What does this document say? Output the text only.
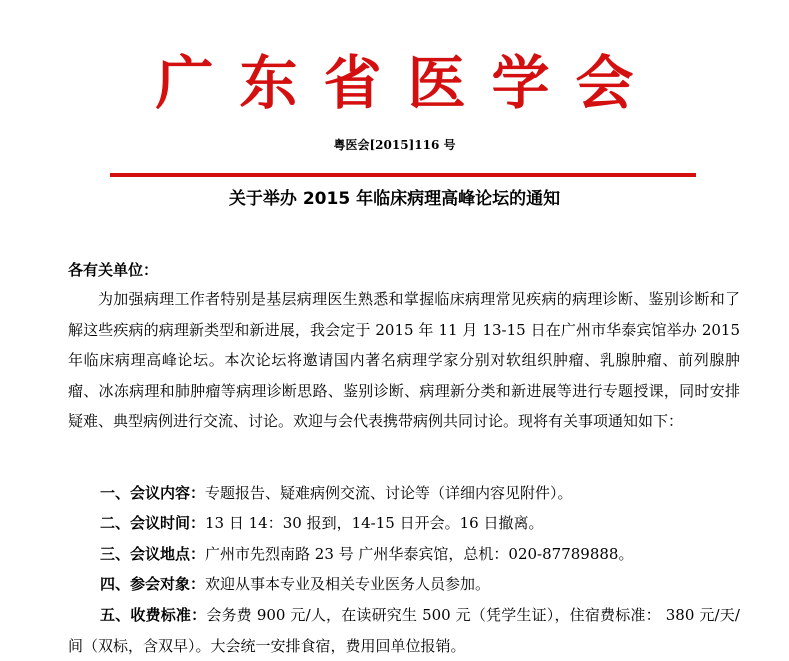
广东省医学会
粤医会[2015]116 号
关于举办 2015 年临床病理高峰论坛的通知
各有关单位：
为加强病理工作者特别是基层病理医生熟悉和掌握临床病理常见疾病的病理诊断、鉴别诊断和了解这些疾病的病理新类型和新进展，我会定于 2015 年 11 月 13-15 日在广州市华泰宾馆举办 2015 年临床病理高峰论坛。本次论坛将邀请国内著名病理学家分别对软组织肿瘤、乳腺肿瘤、前列腺肿瘤、冰冻病理和肺肿瘤等病理诊断思路、鉴别诊断、病理新分类和新进展等进行专题授课，同时安排疑难、典型病例进行交流、讨论。欢迎与会代表携带病例共同讨论。现将有关事项通知如下：
一、会议内容：专题报告、疑难病例交流、讨论等（详细内容见附件）。
二、会议时间：13 日 14：30 报到，14-15 日开会。16 日撤离。
三、会议地点：广州市先烈南路 23 号 广州华泰宾馆，总机：020-87789888。
四、参会对象：欢迎从事本专业及相关专业医务人员参加。
五、收费标准：会务费 900 元/人，在读研究生 500 元（凭学生证），住宿费标准： 380 元/天/间（双标，含双早）。大会统一安排食宿，费用回单位报销。
